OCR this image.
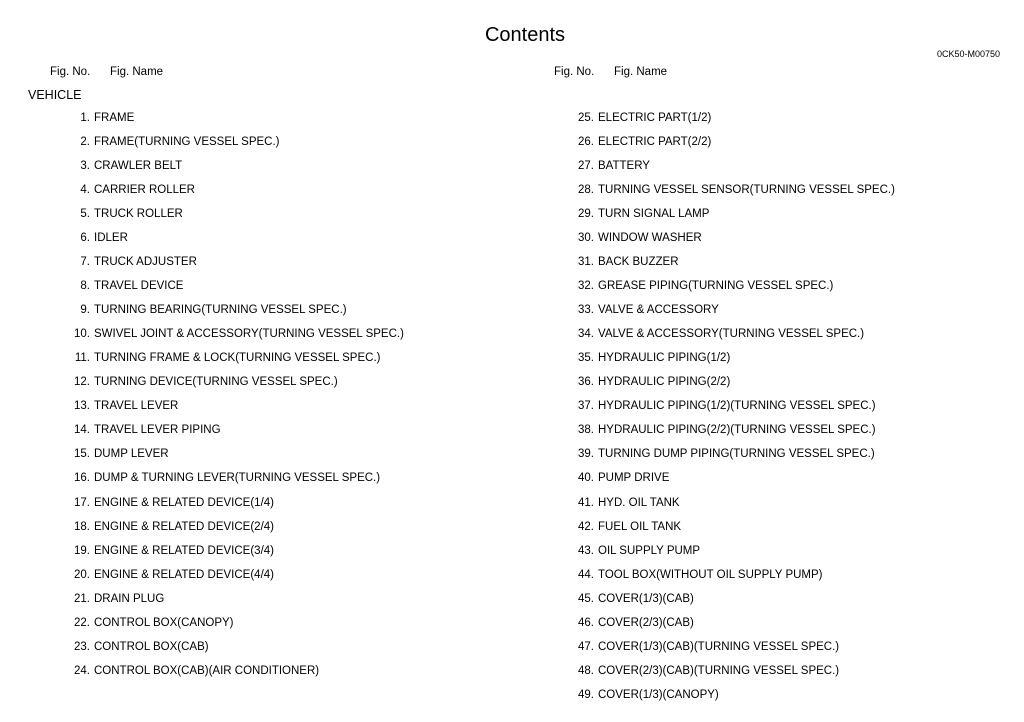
Contents
0CK50-M00750
Fig. No. Fig. Name	Fig. No. Fig. Name
VEHICLE
1. FRAME
2. FRAME(TURNING VESSEL SPEC.)
3. CRAWLER BELT
4. CARRIER ROLLER
5. TRUCK ROLLER
6. IDLER
7. TRUCK ADJUSTER
8. TRAVEL DEVICE
9. TURNING BEARING(TURNING VESSEL SPEC.)
10. SWIVEL JOINT & ACCESSORY(TURNING VESSEL SPEC.)
11. TURNING FRAME & LOCK(TURNING VESSEL SPEC.)
12. TURNING DEVICE(TURNING VESSEL SPEC.)
13. TRAVEL LEVER
14. TRAVEL LEVER PIPING
15. DUMP LEVER
16. DUMP & TURNING LEVER(TURNING VESSEL SPEC.)
17. ENGINE & RELATED DEVICE(1/4)
18. ENGINE & RELATED DEVICE(2/4)
19. ENGINE & RELATED DEVICE(3/4)
20. ENGINE & RELATED DEVICE(4/4)
21. DRAIN PLUG
22. CONTROL BOX(CANOPY)
23. CONTROL BOX(CAB)
24. CONTROL BOX(CAB)(AIR CONDITIONER)
25. ELECTRIC PART(1/2)
26. ELECTRIC PART(2/2)
27. BATTERY
28. TURNING VESSEL SENSOR(TURNING VESSEL SPEC.)
29. TURN SIGNAL LAMP
30. WINDOW WASHER
31. BACK BUZZER
32. GREASE PIPING(TURNING VESSEL SPEC.)
33. VALVE & ACCESSORY
34. VALVE & ACCESSORY(TURNING VESSEL SPEC.)
35. HYDRAULIC PIPING(1/2)
36. HYDRAULIC PIPING(2/2)
37. HYDRAULIC PIPING(1/2)(TURNING VESSEL SPEC.)
38. HYDRAULIC PIPING(2/2)(TURNING VESSEL SPEC.)
39. TURNING DUMP PIPING(TURNING VESSEL SPEC.)
40. PUMP DRIVE
41. HYD. OIL TANK
42. FUEL OIL TANK
43. OIL SUPPLY PUMP
44. TOOL BOX(WITHOUT OIL SUPPLY PUMP)
45. COVER(1/3)(CAB)
46. COVER(2/3)(CAB)
47. COVER(1/3)(CAB)(TURNING VESSEL SPEC.)
48. COVER(2/3)(CAB)(TURNING VESSEL SPEC.)
49. COVER(1/3)(CANOPY)
